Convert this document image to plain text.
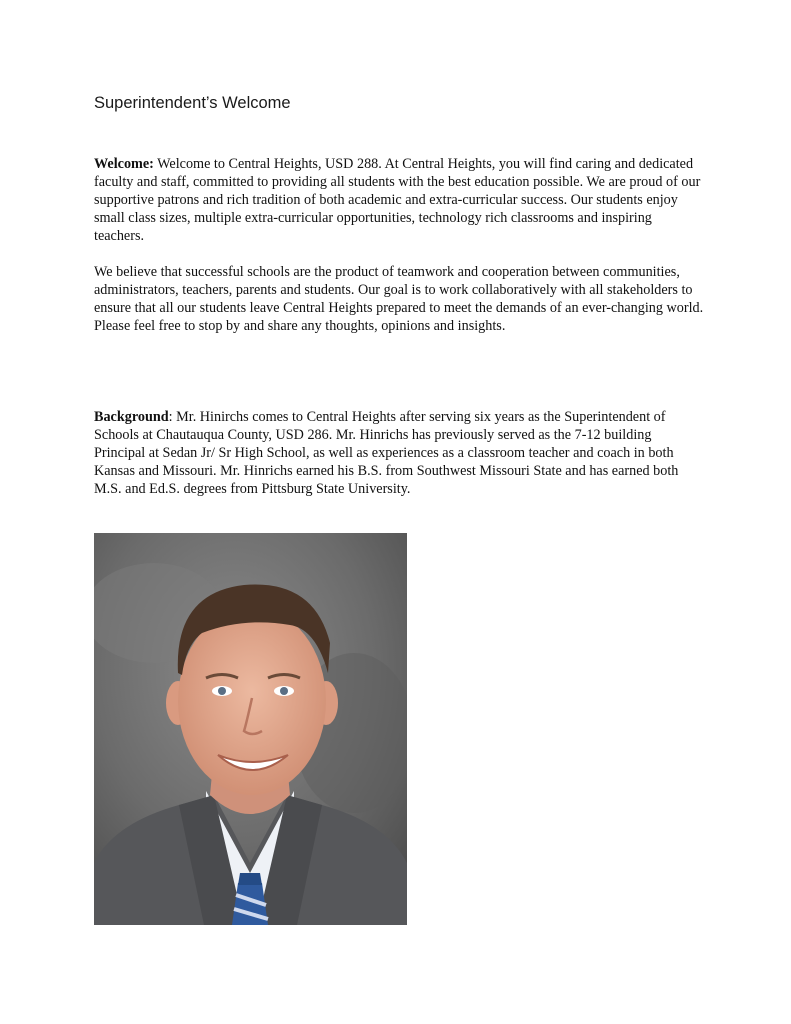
Superintendent’s Welcome

Welcome: Welcome to Central Heights, USD 288. At Central Heights, you will find caring and dedicated faculty and staff, committed to providing all students with the best education possible. We are proud of our supportive patrons and rich tradition of both academic and extra-curricular success. Our students enjoy small class sizes, multiple extra-curricular opportunities, technology rich classrooms and inspiring teachers.

We believe that successful schools are the product of teamwork and cooperation between communities, administrators, teachers, parents and students. Our goal is to work collaboratively with all stakeholders to ensure that all our students leave Central Heights prepared to meet the demands of an ever-changing world. Please feel free to stop by and share any thoughts, opinions and insights.

Background: Mr. Hinirchs comes to Central Heights after serving six years as the Superintendent of Schools at Chautauqua County, USD 286. Mr. Hinrichs has previously served as the 7-12 building Principal at Sedan Jr/ Sr High School, as well as experiences as a classroom teacher and coach in both Kansas and Missouri. Mr. Hinrichs earned his B.S. from Southwest Missouri State and has earned both M.S. and Ed.S. degrees from Pittsburg State University.
